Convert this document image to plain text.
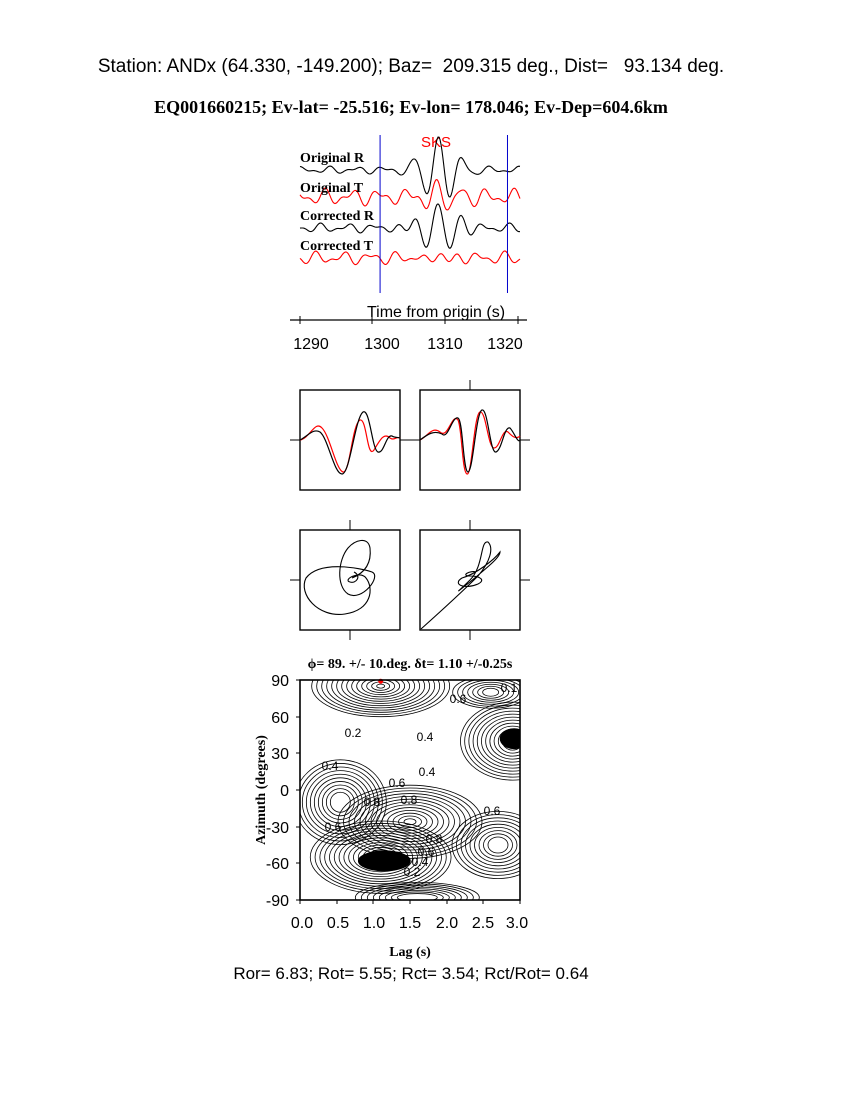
Station: ANDx (64.330, -149.200); Baz=  209.315 deg., Dist=   93.134 deg.
EQ001660215; Ev-lat= -25.516; Ev-lon= 178.046; Ev-Dep=604.6km
SKS
Original R
Original T
Corrected R
Corrected T
Time from origin (s)
1290 1300 1310 1320
ϕ= 89. +/- 10.deg. δt= 1.10 +/-0.25s
0.2
0.2
0.4
0.4
0.4
0.4
0.6
0.6
0.6
0.6
0.6
0.8
0.8
0.8
0.1
90
60
30
0
-30
-60
-90
0.0 0.5 1.0 1.5 2.0 2.5 3.0
Lag (s)
Azimuth (degrees)
Ror= 6.83; Rot= 5.55; Rct= 3.54; Rct/Rot= 0.64
